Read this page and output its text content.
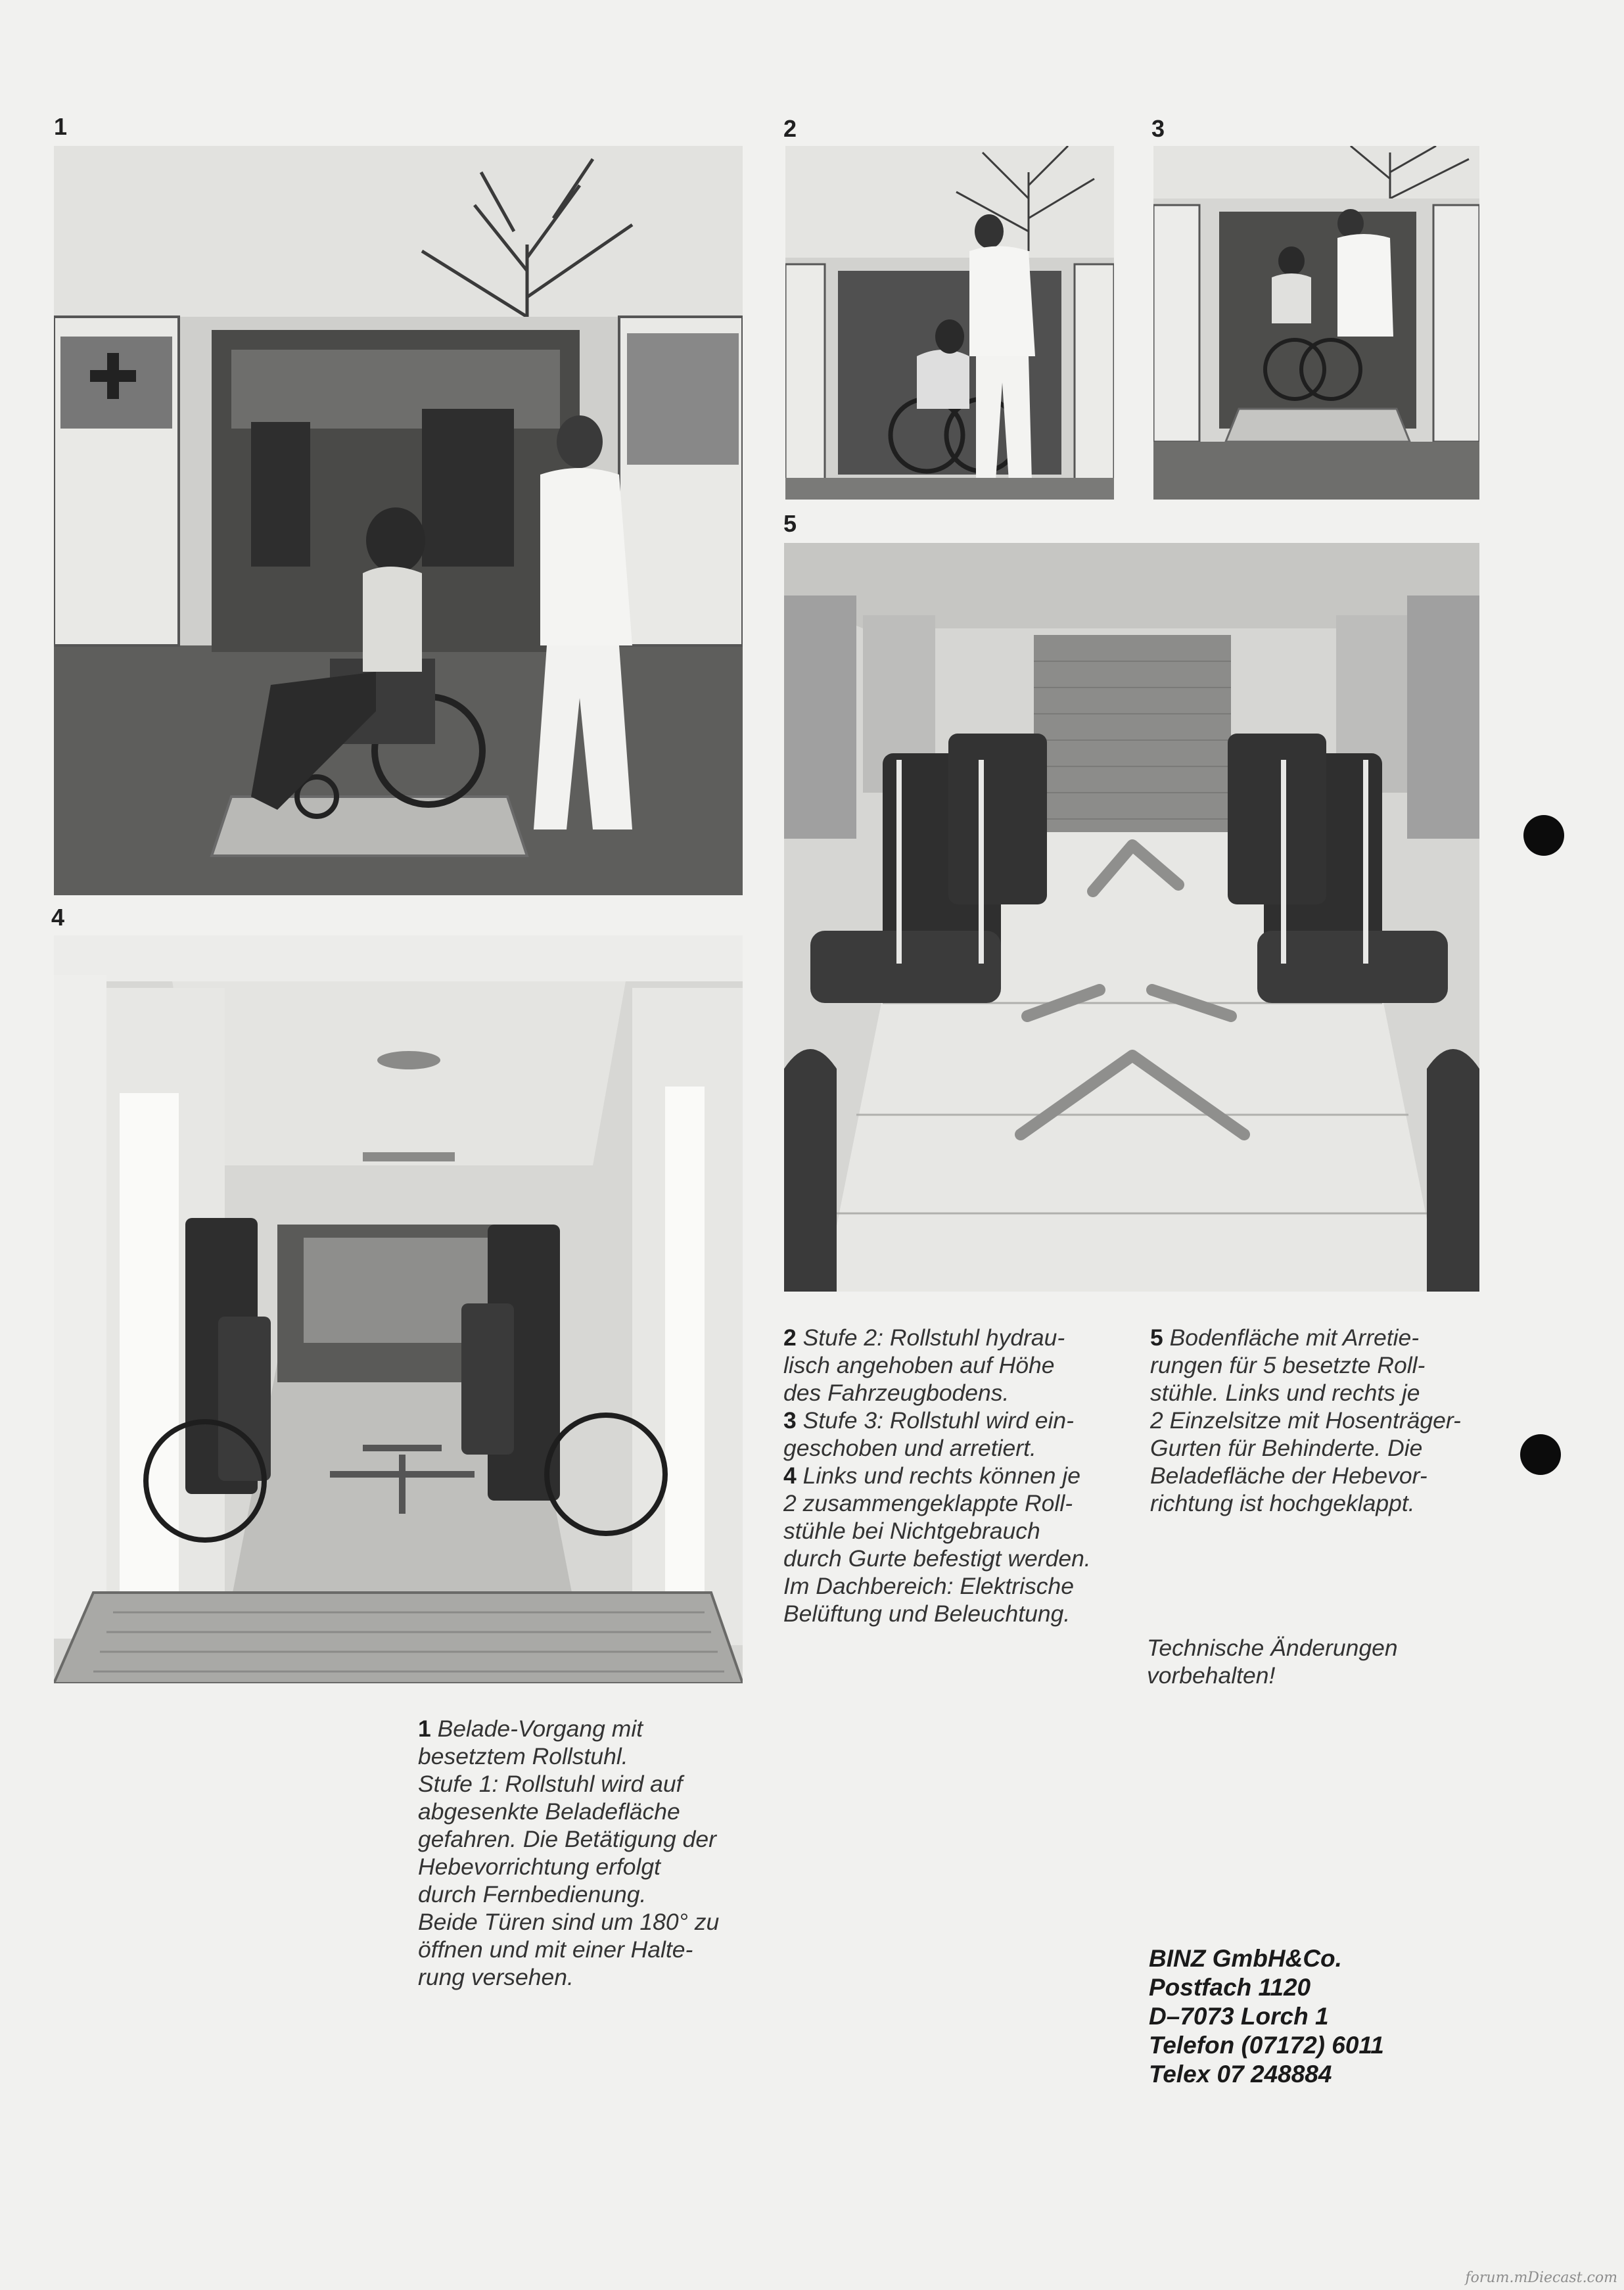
1	2	3
4
5

2 Stufe 2: Rollstuhl hydrau-

lisch angehoben auf Höhe

des Fahrzeugbodens.

3 Stufe 3: Rollstuhl wird ein-

geschoben und arretiert.

4 Links und rechts können je

2 zusammengeklappte Roll-

stühle bei Nichtgebrauch

durch Gurte befestigt werden.

Im Dachbereich: Elektrische

Belüftung und Beleuchtung.

5 Bodenfläche mit Arretie-

rungen für 5 besetzte Roll-

stühle. Links und rechts je

2 Einzelsitze mit Hosenträger-

Gurten für Behinderte. Die

Beladefläche der Hebevor-

richtung ist hochgeklappt.

Technische Änderungen

vorbehalten!

1 Belade-Vorgang mit

besetztem Rollstuhl.

Stufe 1: Rollstuhl wird auf

abgesenkte Beladefläche

gefahren. Die Betätigung der

Hebevorrichtung erfolgt

durch Fernbedienung.

Beide Türen sind um 180° zu

öffnen und mit einer Halte-

rung versehen.

BINZ GmbH&Co.
Postfach 1120
D–7073 Lorch 1
Telefon (07172) 6011
Telex 07 248884
forum.mDiecast.com
